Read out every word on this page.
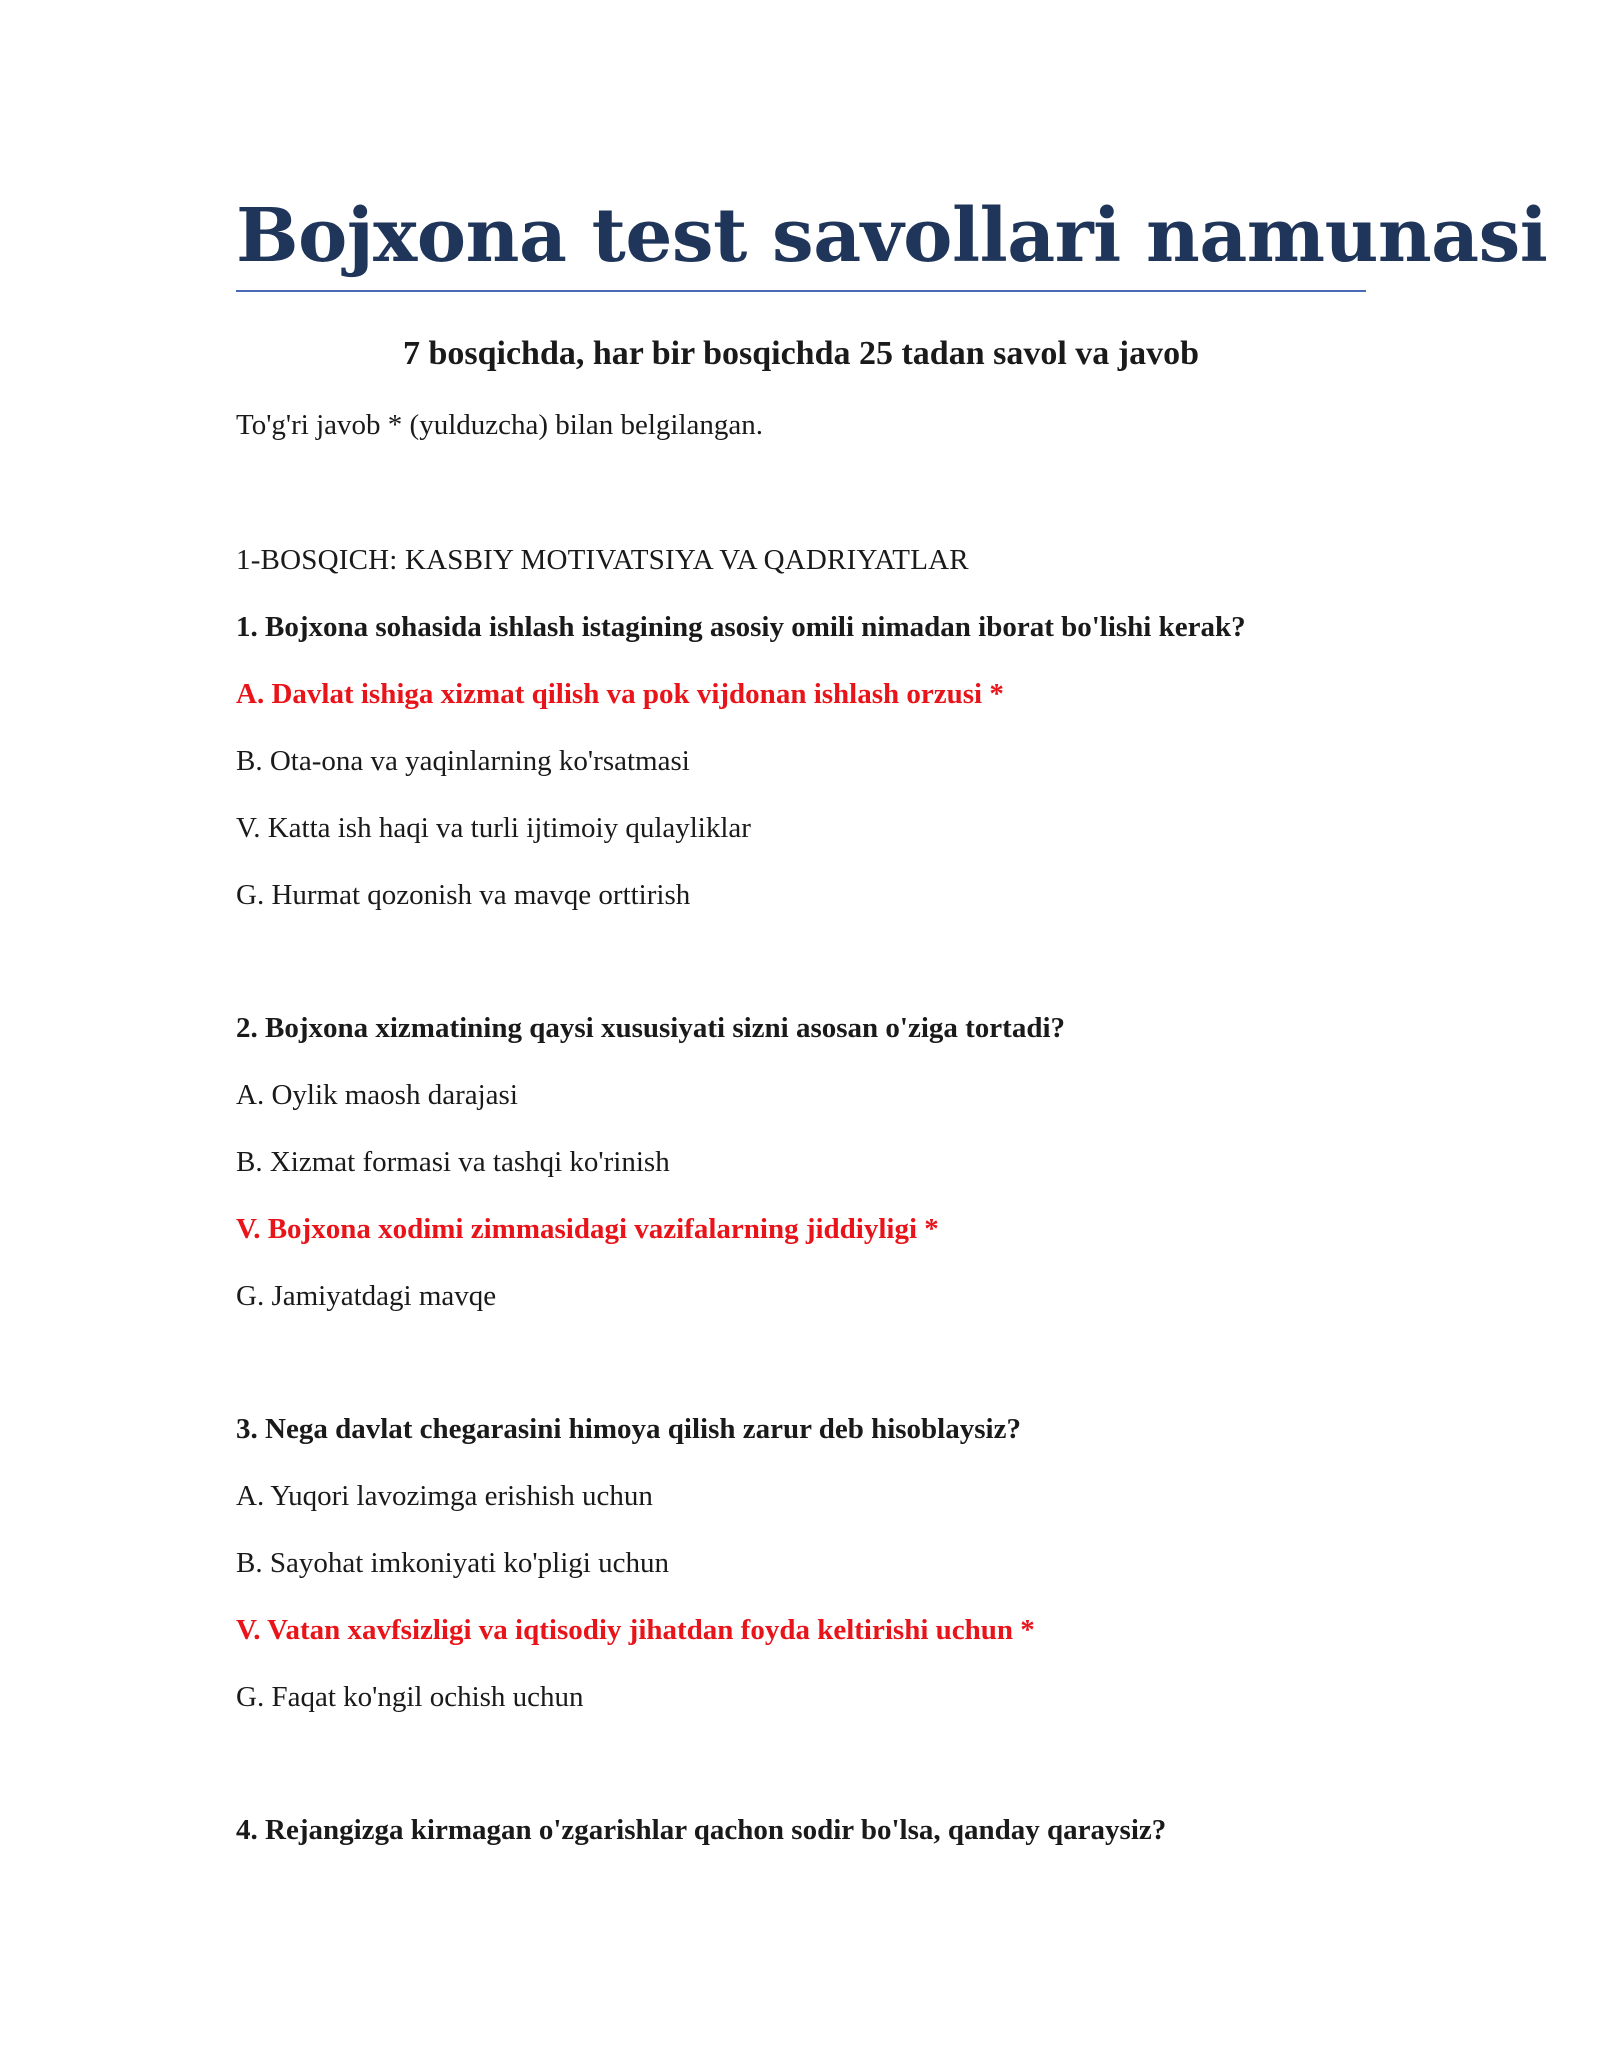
Bojxona test savollari namunasi
7 bosqichda, har bir bosqichda 25 tadan savol va javob

To'g'ri javob * (yulduzcha) bilan belgilangan.

1-BOSQICH: KASBIY MOTIVATSIYA VA QADRIYATLAR

1. Bojxona sohasida ishlash istagining asosiy omili nimadan iborat bo'lishi kerak?

A. Davlat ishiga xizmat qilish va pok vijdonan ishlash orzusi *

B. Ota-ona va yaqinlarning ko'rsatmasi

V. Katta ish haqi va turli ijtimoiy qulayliklar

G. Hurmat qozonish va mavqe orttirish

2. Bojxona xizmatining qaysi xususiyati sizni asosan o'ziga tortadi?

A. Oylik maosh darajasi

B. Xizmat formasi va tashqi ko'rinish

V. Bojxona xodimi zimmasidagi vazifalarning jiddiyligi *

G. Jamiyatdagi mavqe

3. Nega davlat chegarasini himoya qilish zarur deb hisoblaysiz?

A. Yuqori lavozimga erishish uchun

B. Sayohat imkoniyati ko'pligi uchun

V. Vatan xavfsizligi va iqtisodiy jihatdan foyda keltirishi uchun *

G. Faqat ko'ngil ochish uchun

4. Rejangizga kirmagan o'zgarishlar qachon sodir bo'lsa, qanday qaraysiz?
